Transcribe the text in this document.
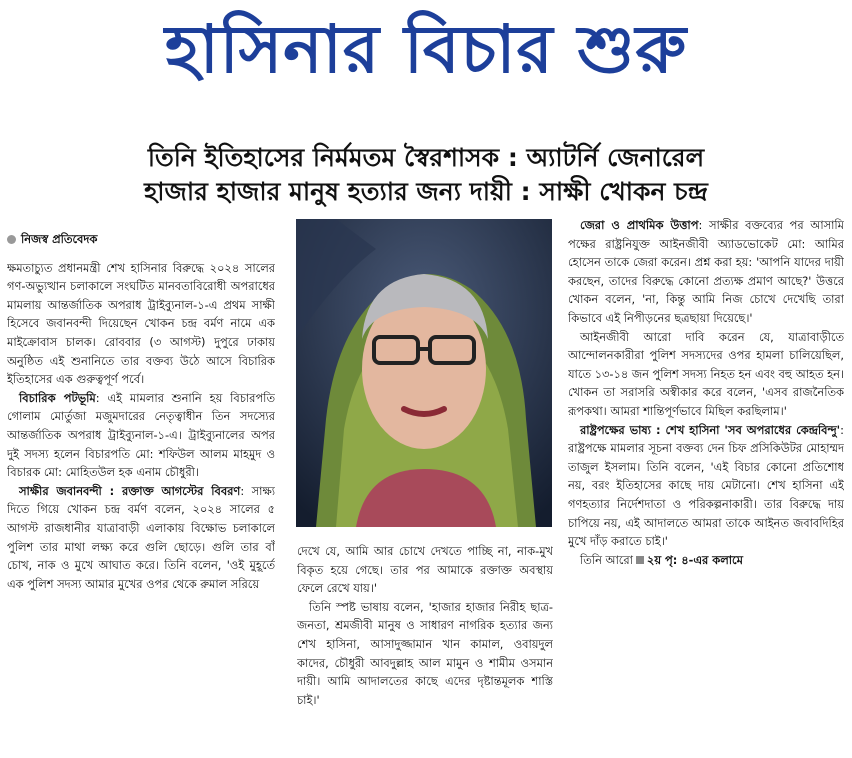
হাসিনার বিচার শুরু
তিনি ইতিহাসের নির্মমতম স্বৈরশাসক : অ্যাটর্নি জেনারেল
হাজার হাজার মানুষ হত্যার জন্য দায়ী : সাক্ষী খোকন চন্দ্র
নিজস্ব প্রতিবেদক

ক্ষমতাচ্যুত প্রধানমন্ত্রী শেখ হাসিনার বিরুদ্ধে ২০২৪ সালের গণ-অভ্যুত্থান চলাকালে সংঘটিত মানবতাবিরোধী অপরাধের মামলায় আন্তর্জাতিক অপরাধ ট্রাইব্যুনাল-১-এ প্রথম সাক্ষী হিসেবে জবানবন্দী দিয়েছেন খোকন চন্দ্র বর্মণ নামে এক মাইক্রোবাস চালক। রোববার (৩ আগস্ট) দুপুরে ঢাকায় অনুষ্ঠিত এই শুনানিতে তার বক্তব্য উঠে আসে বিচারিক ইতিহাসের এক গুরুত্বপূর্ণ পর্বে।

বিচারিক পটভূমি: এই মামলার শুনানি হয় বিচারপতি গোলাম মোর্তুজা মজুমদারের নেতৃত্বাধীন তিন সদস্যের আন্তর্জাতিক অপরাধ ট্রাইব্যুনাল-১-এ। ট্রাইব্যুনালের অপর দুই সদস্য হলেন বিচারপতি মো: শফিউল আলম মাহমুদ ও বিচারক মো: মোহিতউল হক এনাম চৌধুরী।

সাক্ষীর জবানবন্দী : রক্তাক্ত আগস্টের বিবরণ: সাক্ষ্য দিতে গিয়ে খোকন চন্দ্র বর্মণ বলেন, ২০২৪ সালের ৫ আগস্ট রাজধানীর যাত্রাবাড়ী এলাকায় বিক্ষোভ চলাকালে পুলিশ তার মাথা লক্ষ্য করে গুলি ছোড়ে। গুলি তার বাঁ চোখ, নাক ও মুখে আঘাত করে। তিনি বলেন, 'ওই মুহূর্তে এক পুলিশ সদস্য আমার মুখের ওপর থেকে রুমাল সরিয়ে

দেখে যে, আমি আর চোখে দেখতে পাচ্ছি না, নাক-মুখ বিকৃত হয়ে গেছে। তার পর আমাকে রক্তাক্ত অবস্থায় ফেলে রেখে যায়।'

তিনি স্পষ্ট ভাষায় বলেন, 'হাজার হাজার নিরীহ ছাত্র-জনতা, শ্রমজীবী মানুষ ও সাধারণ নাগরিক হত্যার জন্য শেখ হাসিনা, আসাদুজ্জামান খান কামাল, ওবায়দুল কাদের, চৌধুরী আবদুল্লাহ আল মামুন ও শামীম ওসমান দায়ী। আমি আদালতের কাছে এদের দৃষ্টান্তমূলক শাস্তি চাই।'

জেরা ও প্রাথমিক উত্তাপ: সাক্ষীর বক্তব্যের পর আসামি পক্ষের রাষ্ট্রনিযুক্ত আইনজীবী অ্যাডভোকেট মো: আমির হোসেন তাকে জেরা করেন। প্রশ্ন করা হয়: 'আপনি যাদের দায়ী করছেন, তাদের বিরুদ্ধে কোনো প্রত্যক্ষ প্রমাণ আছে?' উত্তরে খোকন বলেন, 'না, কিন্তু আমি নিজ চোখে দেখেছি তারা কিভাবে এই নিপীড়নের ছত্রছায়া দিয়েছে।'

আইনজীবী আরো দাবি করেন যে, যাত্রাবাড়ীতে আন্দোলনকারীরা পুলিশ সদস্যদের ওপর হামলা চালিয়েছিল, যাতে ১৩-১৪ জন পুলিশ সদস্য নিহত হন এবং বহু আহত হন। খোকন তা সরাসরি অস্বীকার করে বলেন, 'এসব রাজনৈতিক রূপকথা। আমরা শান্তিপূর্ণভাবে মিছিল করছিলাম।'

রাষ্ট্রপক্ষের ভাষ্য : শেখ হাসিনা 'সব অপরাধের কেন্দ্রবিন্দু': রাষ্ট্রপক্ষে মামলার সূচনা বক্তব্য দেন চিফ প্রসিকিউটর মোহাম্মদ তাজুল ইসলাম। তিনি বলেন, 'এই বিচার কোনো প্রতিশোধ নয়, বরং ইতিহাসের কাছে দায় মেটানো। শেখ হাসিনা এই গণহত্যার নির্দেশদাতা ও পরিকল্পনাকারী। তার বিরুদ্ধে দায় চাপিয়ে নয়, এই আদালতে আমরা তাকে আইনত জবাবদিহির মুখে দাঁড় করাতে চাই।'

তিনি আরো ২য় পৃ: ৪-এর কলামে
